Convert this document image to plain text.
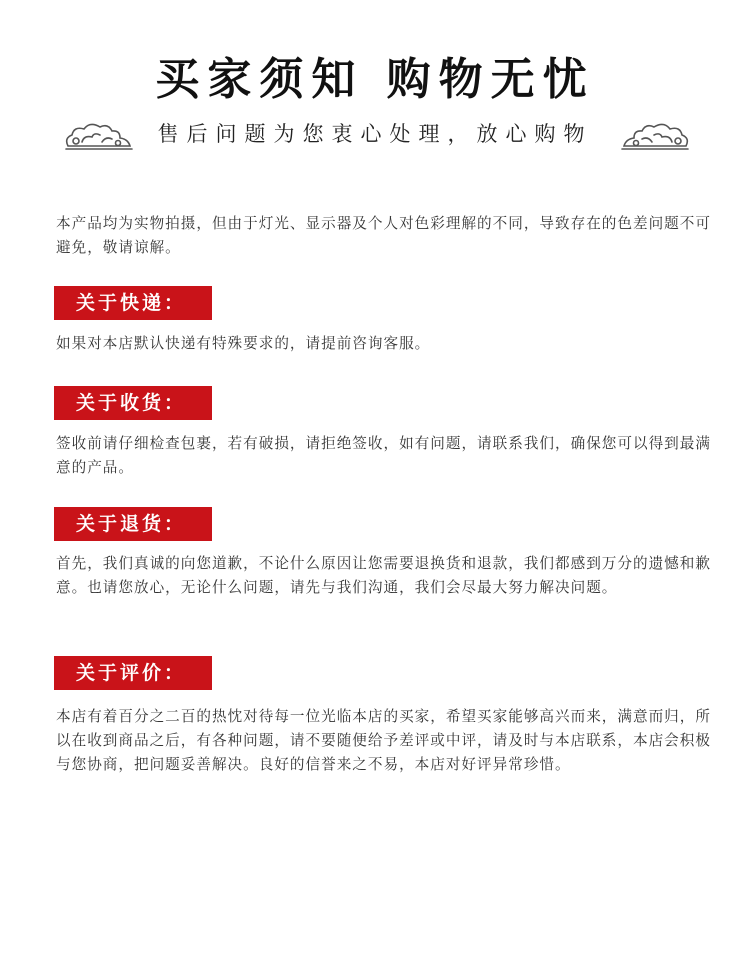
买家须知 购物无忧
售后问题为您衷心处理，放心购物
本产品均为实物拍摄，但由于灯光、显示器及个人对色彩理解的不同，导致存在的色差问题不可避免，敬请谅解。
关于快递：
如果对本店默认快递有特殊要求的，请提前咨询客服。
关于收货：
签收前请仔细检查包裹，若有破损，请拒绝签收，如有问题，请联系我们，确保您可以得到最满意的产品。
关于退货：
首先，我们真诚的向您道歉，不论什么原因让您需要退换货和退款，我们都感到万分的遗憾和歉意。也请您放心，无论什么问题，请先与我们沟通，我们会尽最大努力解决问题。
关于评价：
本店有着百分之二百的热忱对待每一位光临本店的买家，希望买家能够高兴而来，满意而归，所以在收到商品之后，有各种问题，请不要随便给予差评或中评，请及时与本店联系，本店会积极与您协商，把问题妥善解决。良好的信誉来之不易，本店对好评异常珍惜。
